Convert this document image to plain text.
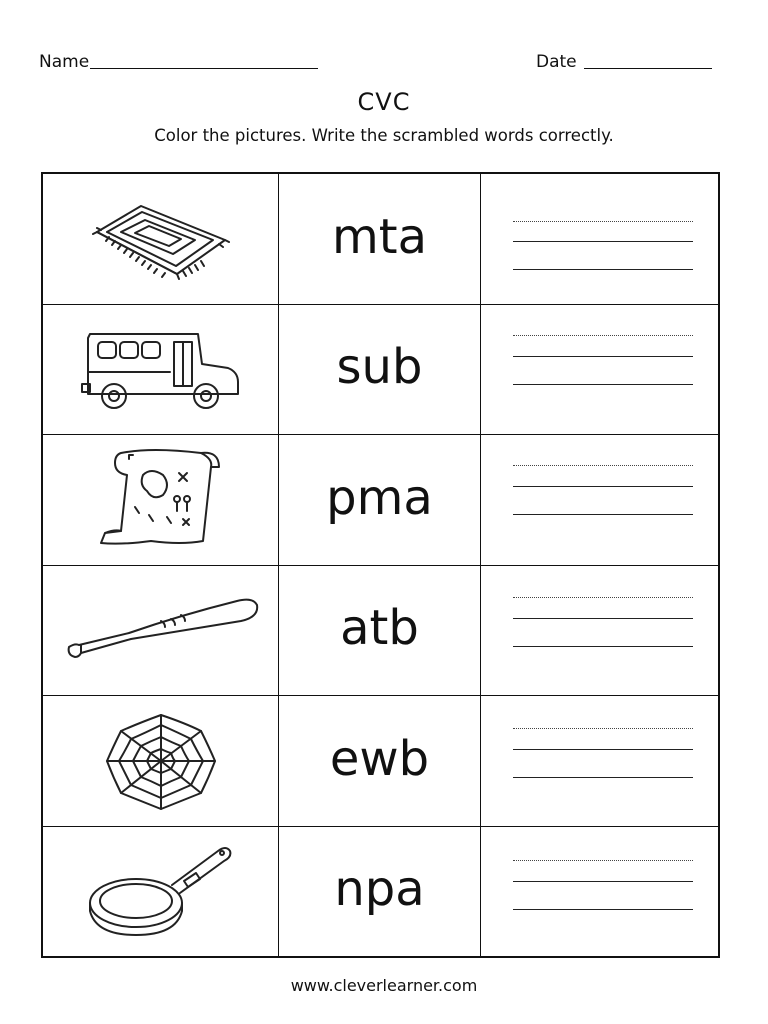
Name	Date
CVC
Color the pictures. Write the scrambled words correctly.
mta
sub
pma
atb
ewb
npa
www.cleverlearner.com
